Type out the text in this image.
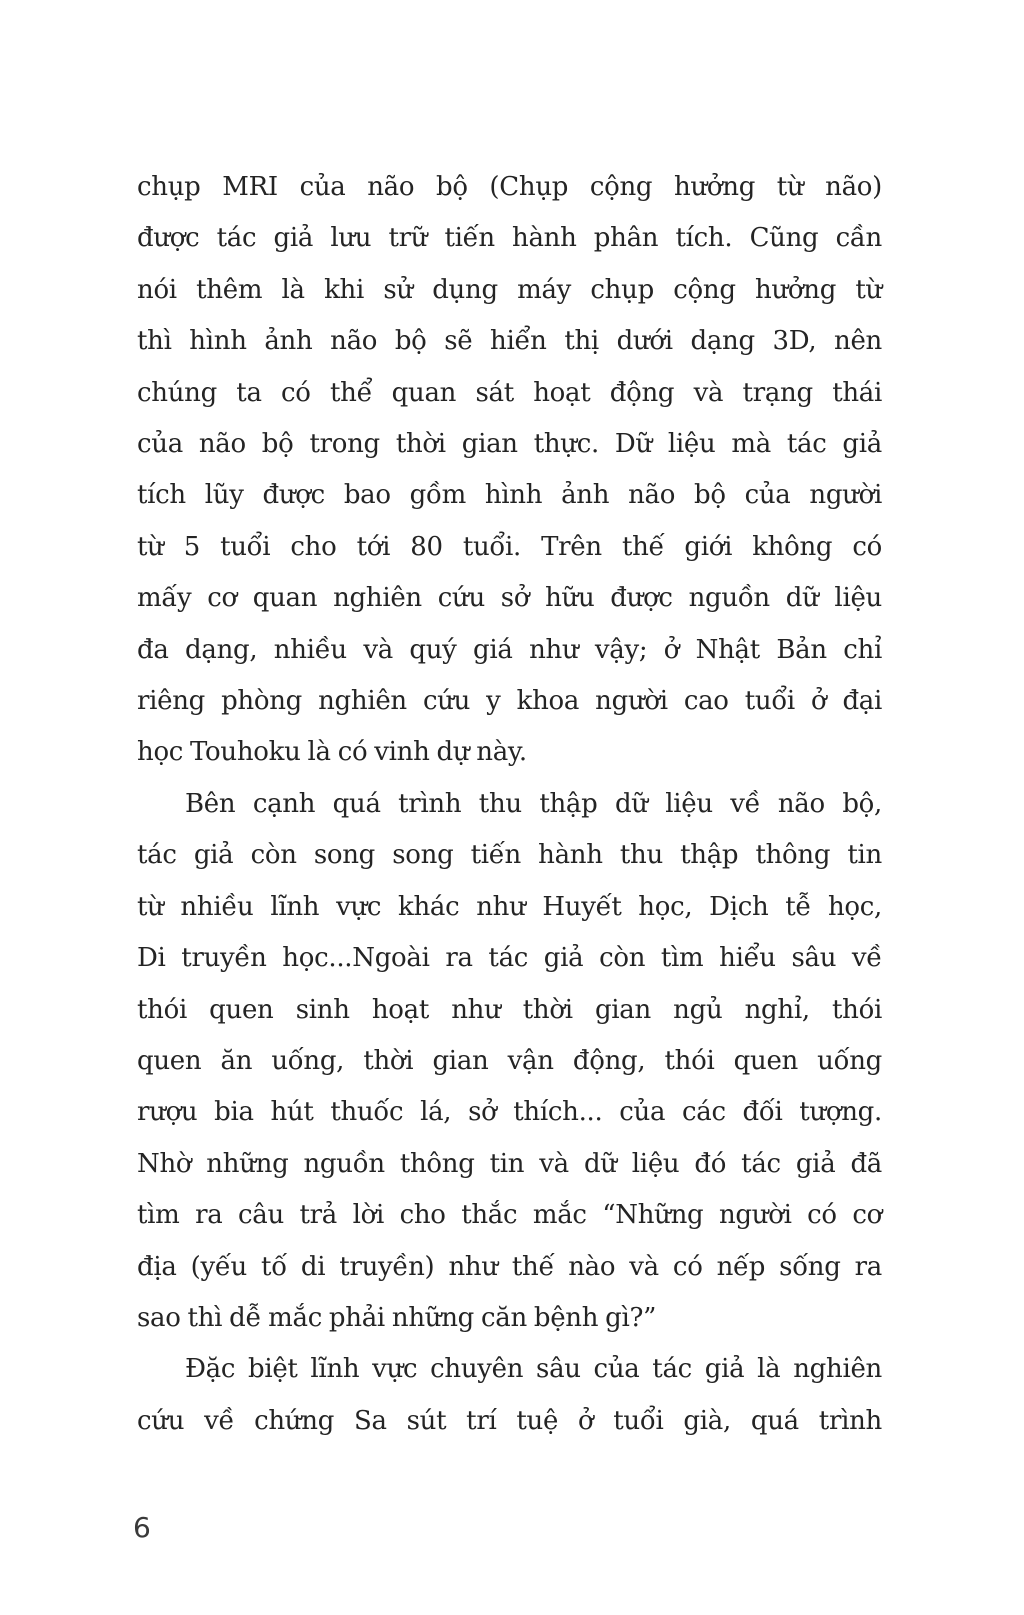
chụp MRI của não bộ (Chụp cộng hưởng từ não)
được tác giả lưu trữ tiến hành phân tích. Cũng cần
nói thêm là khi sử dụng máy chụp cộng hưởng từ
thì hình ảnh não bộ sẽ hiển thị dưới dạng 3D, nên
chúng ta có thể quan sát hoạt động và trạng thái
của não bộ trong thời gian thực. Dữ liệu mà tác giả
tích lũy được bao gồm hình ảnh não bộ của người
từ 5 tuổi cho tới 80 tuổi. Trên thế giới không có
mấy cơ quan nghiên cứu sở hữu được nguồn dữ liệu
đa dạng, nhiều và quý giá như vậy; ở Nhật Bản chỉ
riêng phòng nghiên cứu y khoa người cao tuổi ở đại
học Touhoku là có vinh dự này.
Bên cạnh quá trình thu thập dữ liệu về não bộ,
tác giả còn song song tiến hành thu thập thông tin
từ nhiều lĩnh vực khác như Huyết học, Dịch tễ học,
Di truyền học...Ngoài ra tác giả còn tìm hiểu sâu về
thói quen sinh hoạt như thời gian ngủ nghỉ, thói
quen ăn uống, thời gian vận động, thói quen uống
rượu bia hút thuốc lá, sở thích... của các đối tượng.
Nhờ những nguồn thông tin và dữ liệu đó tác giả đã
tìm ra câu trả lời cho thắc mắc “Những người có cơ
địa (yếu tố di truyền) như thế nào và có nếp sống ra
sao thì dễ mắc phải những căn bệnh gì?”
Đặc biệt lĩnh vực chuyên sâu của tác giả là nghiên
cứu về chứng Sa sút trí tuệ ở tuổi già, quá trình
6
